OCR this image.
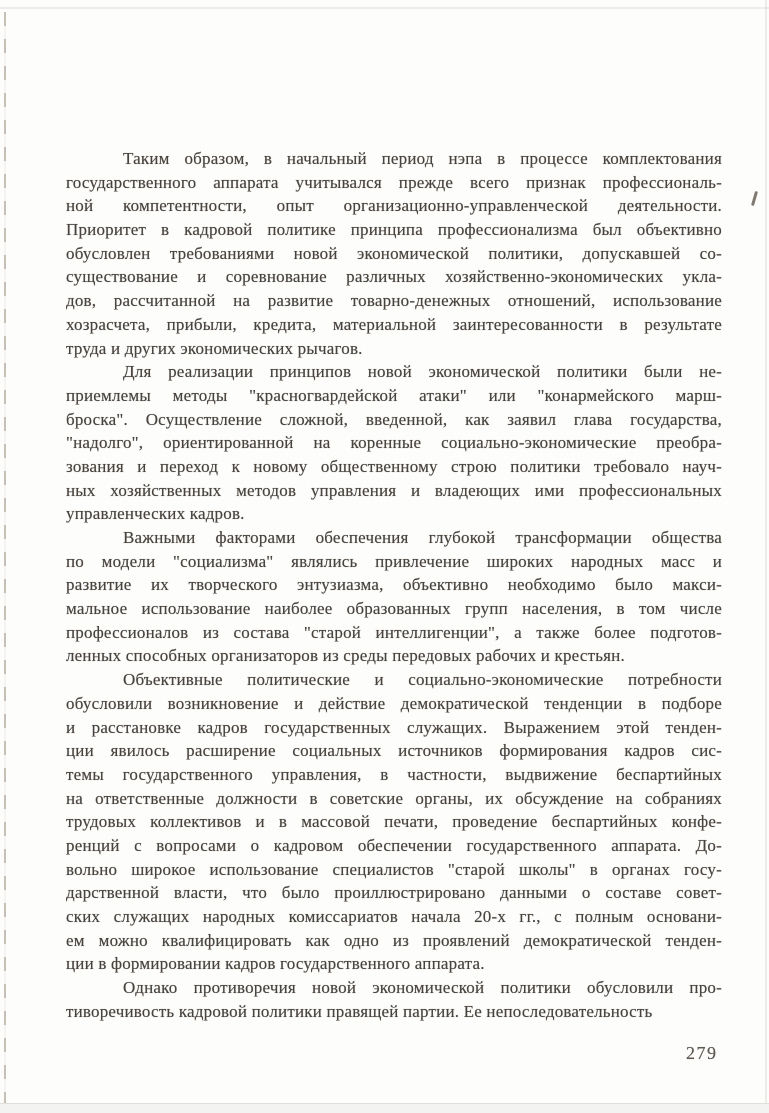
Таким образом, в начальный период нэпа в процессе комплектования
государственного аппарата учитывался прежде всего признак профессиональ-
ной компетентности, опыт организационно-управленческой деятельности.
Приоритет в кадровой политике принципа профессионализма был объективно
обусловлен требованиями новой экономической политики, допускавшей со-
существование и соревнование различных хозяйственно-экономических укла-
дов, рассчитанной на развитие товарно-денежных отношений, использование
хозрасчета, прибыли, кредита, материальной заинтересованности в результате
труда и других экономических рычагов.
Для реализации принципов новой экономической политики были не-
приемлемы методы "красногвардейской атаки" или "конармейского марш-
броска". Осуществление сложной, введенной, как заявил глава государства,
"надолго", ориентированной на коренные социально-экономические преобра-
зования и переход к новому общественному строю политики требовало науч-
ных хозяйственных методов управления и владеющих ими профессиональных
управленческих кадров.
Важными факторами обеспечения глубокой трансформации общества
по модели "социализма" являлись привлечение широких народных масс и
развитие их творческого энтузиазма, объективно необходимо было макси-
мальное использование наиболее образованных групп населения, в том числе
профессионалов из состава "старой интеллигенции", а также более подготов-
ленных способных организаторов из среды передовых рабочих и крестьян.
Объективные политические и социально-экономические потребности
обусловили возникновение и действие демократической тенденции в подборе
и расстановке кадров государственных служащих. Выражением этой тенден-
ции явилось расширение социальных источников формирования кадров сис-
темы государственного управления, в частности, выдвижение беспартийных
на ответственные должности в советские органы, их обсуждение на собраниях
трудовых коллективов и в массовой печати, проведение беспартийных конфе-
ренций с вопросами о кадровом обеспечении государственного аппарата. До-
вольно широкое использование специалистов "старой школы" в органах госу-
дарственной власти, что было проиллюстрировано данными о составе совет-
ских служащих народных комиссариатов начала 20-х гг., с полным основани-
ем можно квалифицировать как одно из проявлений демократической тенден-
ции в формировании кадров государственного аппарата.
Однако противоречия новой экономической политики обусловили про-
тиворечивость кадровой политики правящей партии. Ее непоследовательность
279
